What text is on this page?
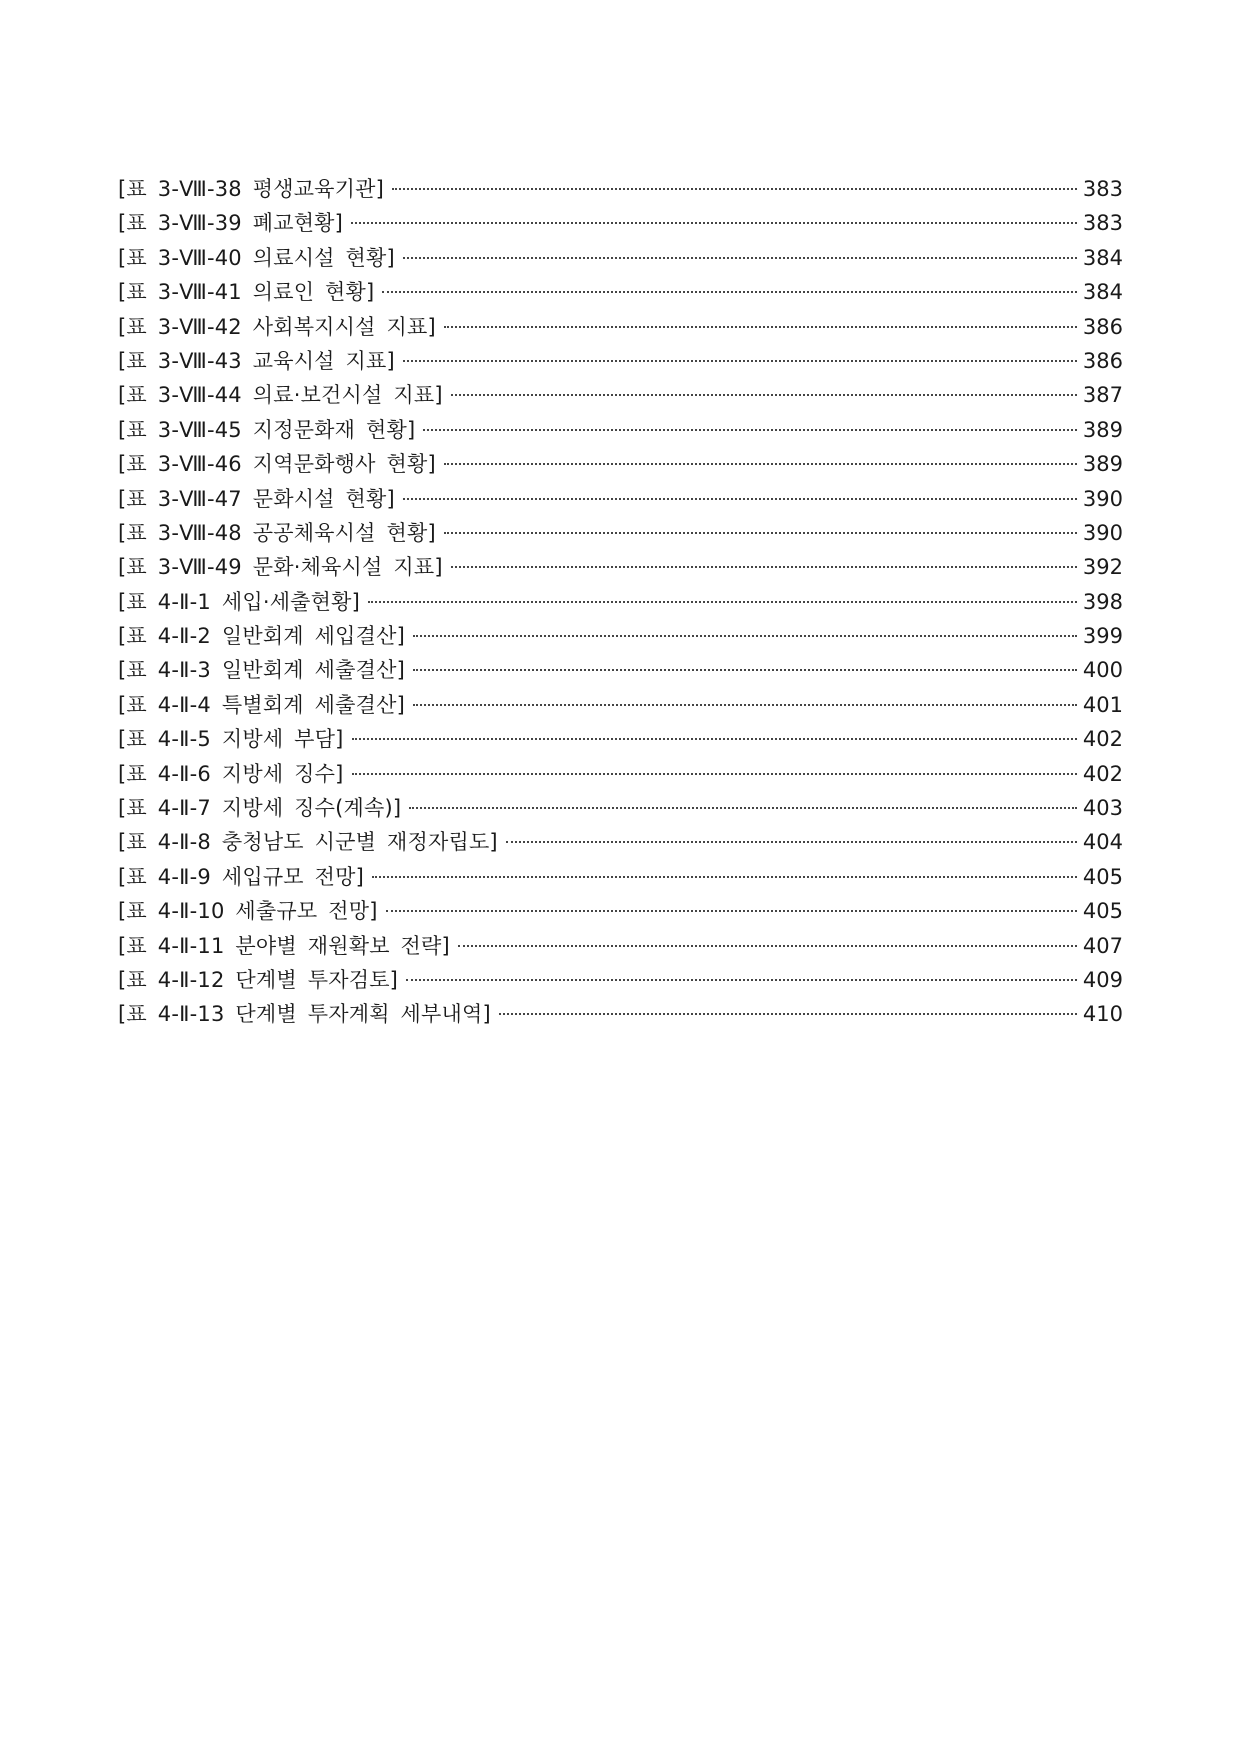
[표 3-Ⅷ-38 평생교육기관]	383
[표 3-Ⅷ-39 폐교현황]	383
[표 3-Ⅷ-40 의료시설 현황]	384
[표 3-Ⅷ-41 의료인 현황]	384
[표 3-Ⅷ-42 사회복지시설 지표]	386
[표 3-Ⅷ-43 교육시설 지표]	386
[표 3-Ⅷ-44 의료·보건시설 지표]	387
[표 3-Ⅷ-45 지정문화재 현황]	389
[표 3-Ⅷ-46 지역문화행사 현황]	389
[표 3-Ⅷ-47 문화시설 현황]	390
[표 3-Ⅷ-48 공공체육시설 현황]	390
[표 3-Ⅷ-49 문화·체육시설 지표]	392
[표 4-Ⅱ-1 세입·세출현황]	398
[표 4-Ⅱ-2 일반회계 세입결산]	399
[표 4-Ⅱ-3 일반회계 세출결산]	400
[표 4-Ⅱ-4 특별회계 세출결산]	401
[표 4-Ⅱ-5 지방세 부담]	402
[표 4-Ⅱ-6 지방세 징수]	402
[표 4-Ⅱ-7 지방세 징수(계속)]	403
[표 4-Ⅱ-8 충청남도 시군별 재정자립도]	404
[표 4-Ⅱ-9 세입규모 전망]	405
[표 4-Ⅱ-10 세출규모 전망]	405
[표 4-Ⅱ-11 분야별 재원확보 전략]	407
[표 4-Ⅱ-12 단계별 투자검토]	409
[표 4-Ⅱ-13 단계별 투자계획 세부내역]	410
